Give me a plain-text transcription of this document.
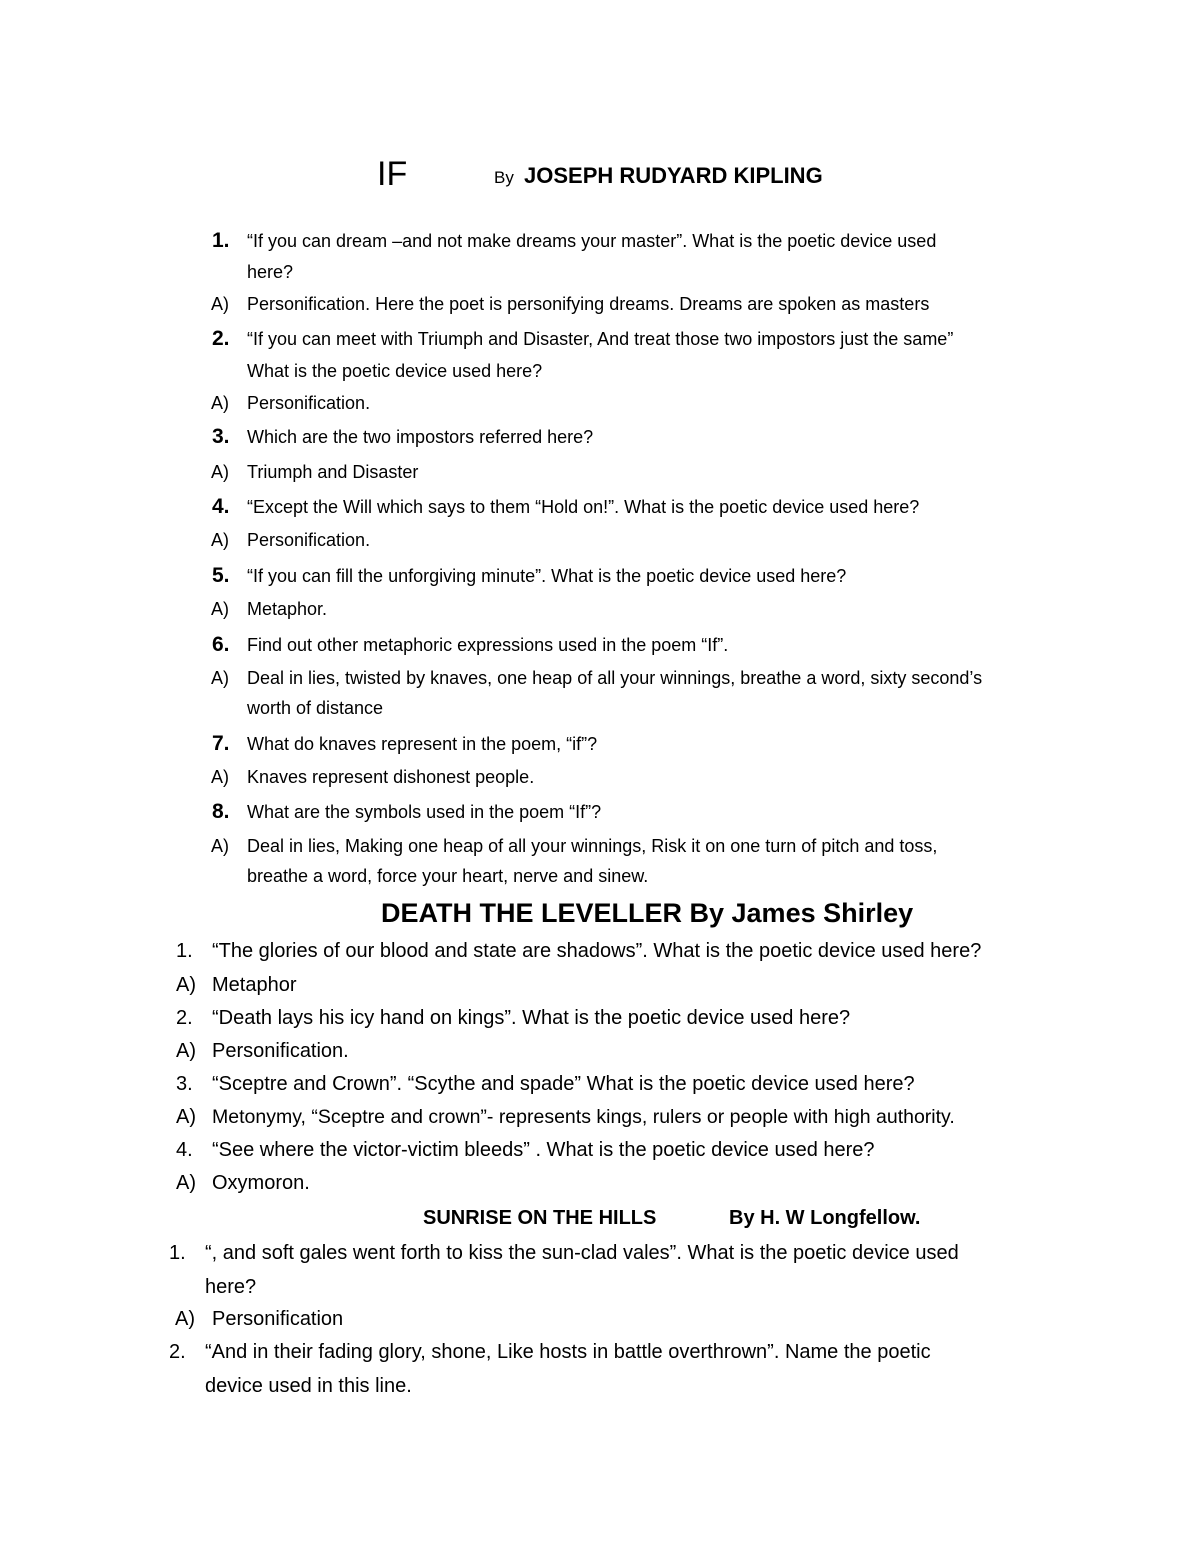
IF	By JOSEPH RUDYARD KIPLING
1. “If you can dream –and not make dreams your master”. What is the poetic device used
here?
A) Personification. Here the poet is personifying dreams. Dreams are spoken as masters
2. “If you can meet with Triumph and Disaster, And treat those two impostors just the same”
What is the poetic device used here?
A) Personification.
3. Which are the two impostors referred here?
A) Triumph and Disaster
4. “Except the Will which says to them “Hold on!”. What is the poetic device used here?
A) Personification.
5. “If you can fill the unforgiving minute”. What is the poetic device used here?
A) Metaphor.
6. Find out other metaphoric expressions used in the poem “If”.
A) Deal in lies, twisted by knaves, one heap of all your winnings, breathe a word, sixty second’s
worth of distance
7. What do knaves represent in the poem, “if”?
A) Knaves represent dishonest people.
8. What are the symbols used in the poem “If”?
A) Deal in lies, Making one heap of all your winnings, Risk it on one turn of pitch and toss,
breathe a word, force your heart, nerve and sinew.
DEATH THE LEVELLER By James Shirley
1. “The glories of our blood and state are shadows”. What is the poetic device used here?
A) Metaphor
2. “Death lays his icy hand on kings”. What is the poetic device used here?
A) Personification.
3. “Sceptre and Crown”. “Scythe and spade” What is the poetic device used here?
A) Metonymy, “Sceptre and crown”- represents kings, rulers or people with high authority.
4. “See where the victor-victim bleeds” . What is the poetic device used here?
A) Oxymoron.
SUNRISE ON THE HILLS	By H. W Longfellow.
1. “, and soft gales went forth to kiss the sun-clad vales”. What is the poetic device used
here?
A) Personification
2. “And in their fading glory, shone, Like hosts in battle overthrown”. Name the poetic
device used in this line.
